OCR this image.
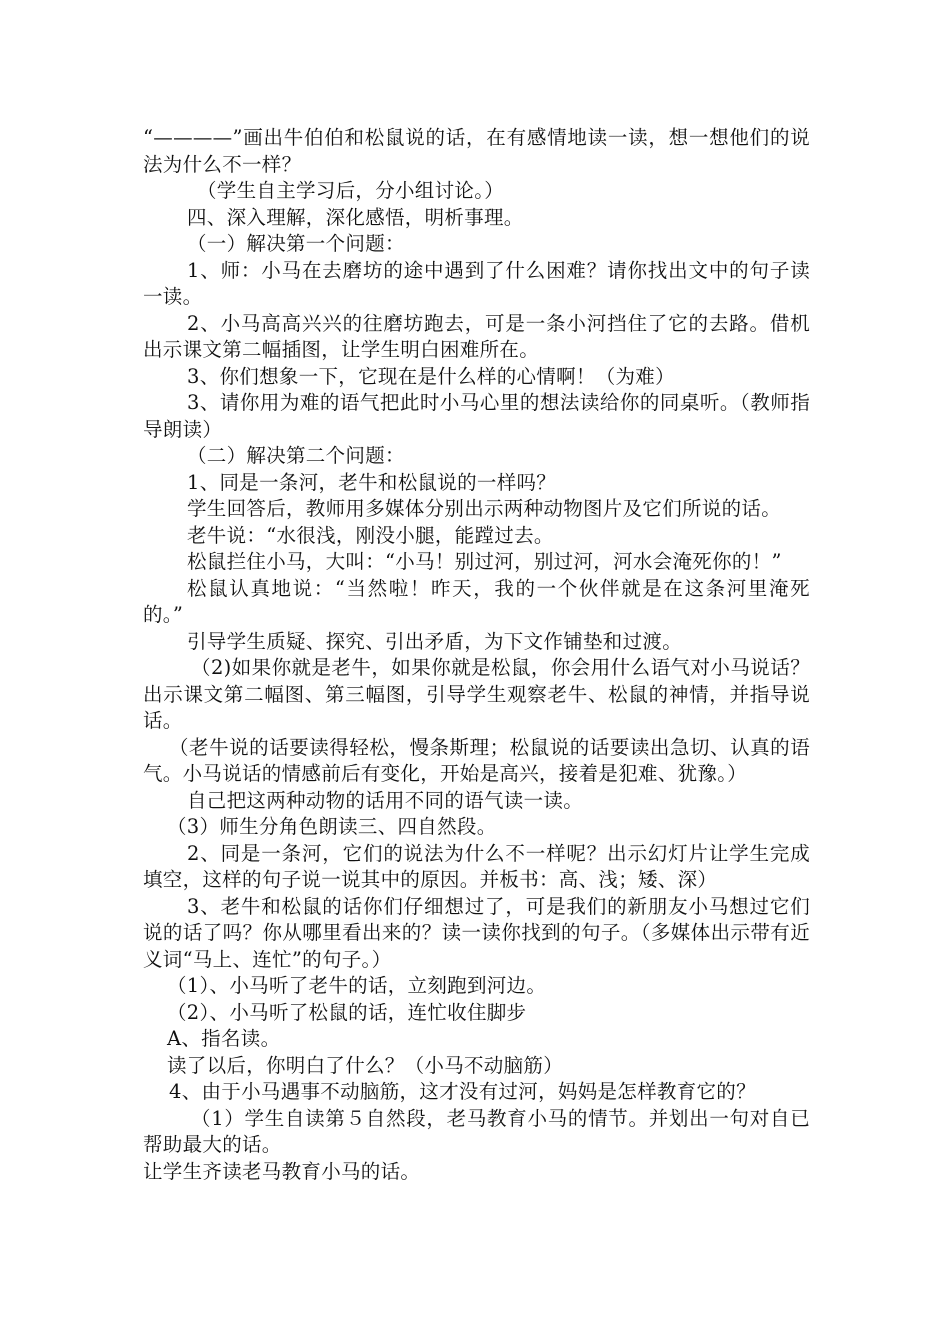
“————”画出牛伯伯和松鼠说的话，在有感情地读一读，想一想他们的说法为什么不一样？

（学生自主学习后，分小组讨论。）

四、深入理解，深化感悟，明析事理。

（一）解决第一个问题：

1、师：小马在去磨坊的途中遇到了什么困难？请你找出文中的句子读一读。

2、小马高高兴兴的往磨坊跑去，可是一条小河挡住了它的去路。借机出示课文第二幅插图，让学生明白困难所在。

3、你们想象一下，它现在是什么样的心情啊！（为难）

3、请你用为难的语气把此时小马心里的想法读给你的同桌听。（教师指导朗读）

（二）解决第二个问题：

1、同是一条河，老牛和松鼠说的一样吗？

学生回答后，教师用多媒体分别出示两种动物图片及它们所说的话。

老牛说：“水很浅，刚没小腿，能蹚过去。

松鼠拦住小马，大叫：“小马！别过河，别过河，河水会淹死你的！”

松鼠认真地说：“当然啦！昨天，我的一个伙伴就是在这条河里淹死的。”

引导学生质疑、探究、引出矛盾，为下文作铺垫和过渡。

（2)如果你就是老牛，如果你就是松鼠，你会用什么语气对小马说话？出示课文第二幅图、第三幅图，引导学生观察老牛、松鼠的神情，并指导说话。

（老牛说的话要读得轻松，慢条斯理；松鼠说的话要读出急切、认真的语气。小马说话的情感前后有变化，开始是高兴，接着是犯难、犹豫。）

自己把这两种动物的话用不同的语气读一读。

（3）师生分角色朗读三、四自然段。

2、同是一条河，它们的说法为什么不一样呢？出示幻灯片让学生完成填空，这样的句子说一说其中的原因。并板书：高、浅；矮、深）

3、老牛和松鼠的话你们仔细想过了，可是我们的新朋友小马想过它们说的话了吗？你从哪里看出来的？读一读你找到的句子。（多媒体出示带有近义词“马上、连忙”的句子。）

（1）、小马听了老牛的话，立刻跑到河边。

（2）、小马听了松鼠的话，连忙收住脚步

A、指名读。

读了以后，你明白了什么？（小马不动脑筋）

4、由于小马遇事不动脑筋，这才没有过河，妈妈是怎样教育它的？

（1）学生自读第５自然段，老马教育小马的情节。并划出一句对自已帮助最大的话。

让学生齐读老马教育小马的话。
